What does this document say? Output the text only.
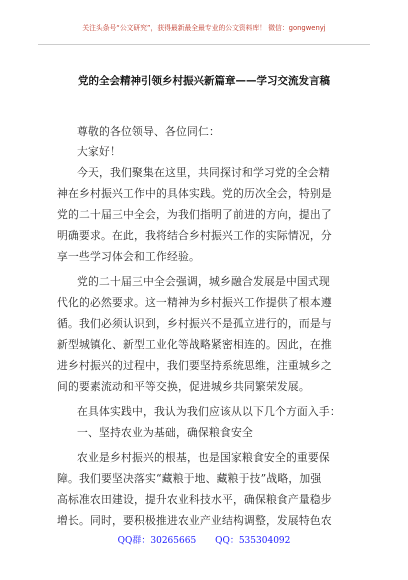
关注头条号“公文研究”，获得最新最全最专业的公文资料库！ 微信：gongwenyj
党的全会精神引领乡村振兴新篇章——学习交流发言稿
尊敬的各位领导、各位同仁：
大家好！
今天，我们聚集在这里，共同探讨和学习党的全会精
神在乡村振兴工作中的具体实践。党的历次全会，特别是
党的二十届三中全会，为我们指明了前进的方向，提出了
明确要求。在此，我将结合乡村振兴工作的实际情况，分
享一些学习体会和工作经验。
党的二十届三中全会强调，城乡融合发展是中国式现
代化的必然要求。这一精神为乡村振兴工作提供了根本遵
循。我们必须认识到，乡村振兴不是孤立进行的，而是与
新型城镇化、新型工业化等战略紧密相连的。因此，在推
进乡村振兴的过程中，我们要坚持系统思维，注重城乡之
间的要素流动和平等交换，促进城乡共同繁荣发展。
在具体实践中，我认为我们应该从以下几个方面入手：
一、坚持农业为基础，确保粮食安全
农业是乡村振兴的根基，也是国家粮食安全的重要保
障。我们要坚决落实“藏粮于地、藏粮于技”战略，加强
高标准农田建设，提升农业科技水平，确保粮食产量稳步
增长。同时，要积极推进农业产业结构调整，发展特色农
QQ群：30265665 QQ：535304092
